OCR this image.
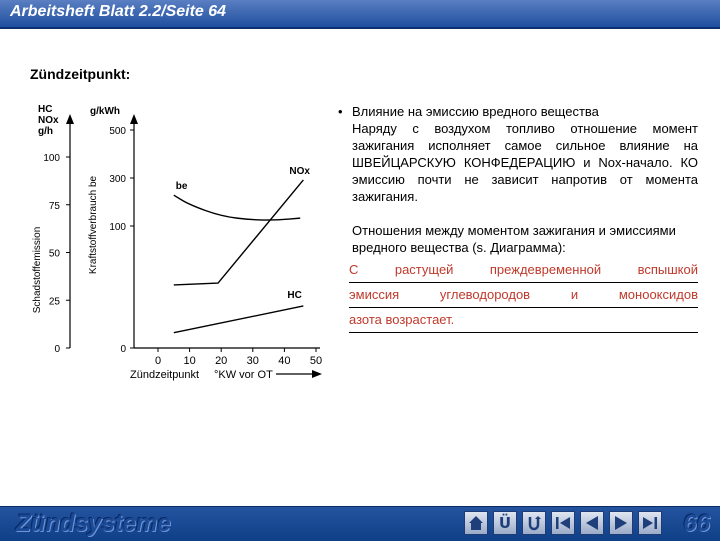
Arbeitsheft Blatt 2.2/Seite 64
Zündzeitpunkt:
100
75
50
25
0
HC
NOx
g/h
Schadstoffemission
500
300
100
0
g/kWh
Kraftstoffverbrauch be
0 10 20 30 40 50
Zündzeitpunkt °KW vor OT
be
NOx
HC
• Влияние на эмиссию вредного вещества
Наряду с воздухом топливо отношение момент зажигания исполняет самое сильное влияние на ШВЕЙЦАРСКУЮ КОНФЕДЕРАЦИЮ и Nox-начало. КО эмиссию почти не зависит напротив от момента зажигания.
Отношения между моментом зажигания и эмиссиями вредного вещества (s. Диаграмма):
С растущей преждевременной вспышкой
эмиссия углеводородов и монооксидов
азота возрастает.
Zündsysteme	Ü	66
